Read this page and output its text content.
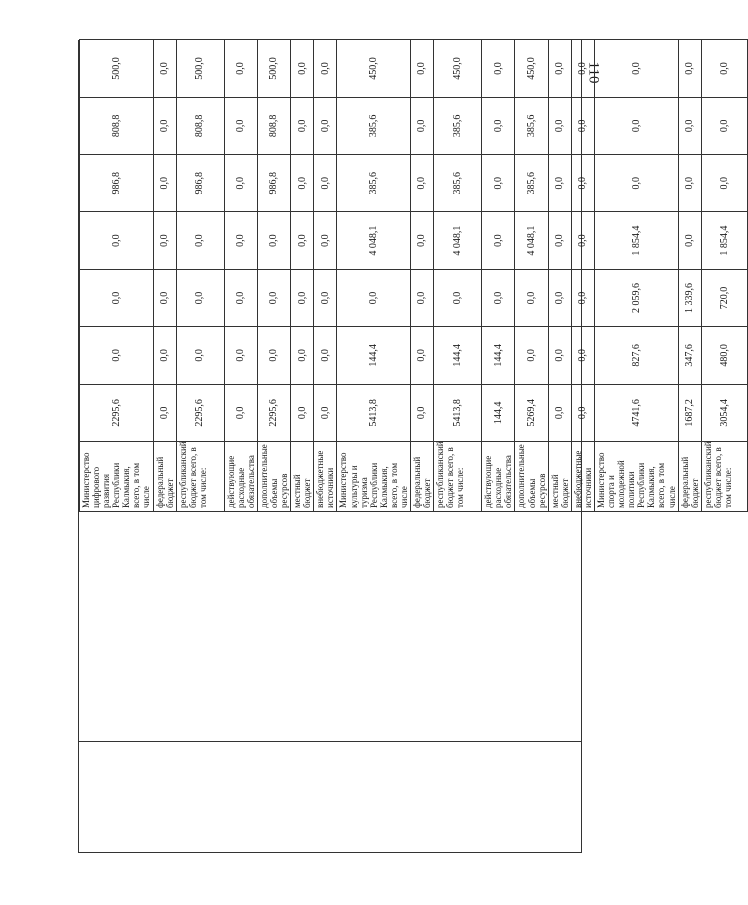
110
Министерство цифрового развития Республики Калмыкия, всего, в том числе	2295,6	0,0	0,0	0,0	986,8	808,8	500,0
федеральный бюджет	0,0	0,0	0,0	0,0	0,0	0,0	0,0
республиканский бюджет всего, в том числе:	2295,6	0,0	0,0	0,0	986,8	808,8	500,0
действующие расходные обязательства	0,0	0,0	0,0	0,0	0,0	0,0	0,0
дополнительные объемы ресурсов	2295,6	0,0	0,0	0,0	986,8	808,8	500,0
местный бюджет	0,0	0,0	0,0	0,0	0,0	0,0	0,0
внебюджетные источники	0,0	0,0	0,0	0,0	0,0	0,0	0,0
Министерство культуры и туризма Республики Калмыкия, всего, в том числе	5413,8	144,4	0,0	4 048,1	385,6	385,6	450,0
федеральный бюджет	0,0	0,0	0,0	0,0	0,0	0,0	0,0
республиканский бюджет всего, в том числе:	5413,8	144,4	0,0	4 048,1	385,6	385,6	450,0
действующие расходные обязательства	144,4	144,4	0,0	0,0	0,0	0,0	0,0
дополнительные объемы ресурсов	5269,4	0,0	0,0	4 048,1	385,6	385,6	450,0
местный бюджет	0,0	0,0	0,0	0,0	0,0	0,0	0,0
внебюджетные источники	0,0	0,0	0,0	0,0	0,0	0,0	0,0
Министерство спорта и молодежной политики Республики Калмыкия, всего, в том числе	4741,6	827,6	2 059,6	1 854,4	0,0	0,0	0,0
федеральный бюджет	1687,2	347,6	1 339,6	0,0	0,0	0,0	0,0
республиканский бюджет всего, в том числе:	3054,4	480,0	720,0	1 854,4	0,0	0,0	0,0
